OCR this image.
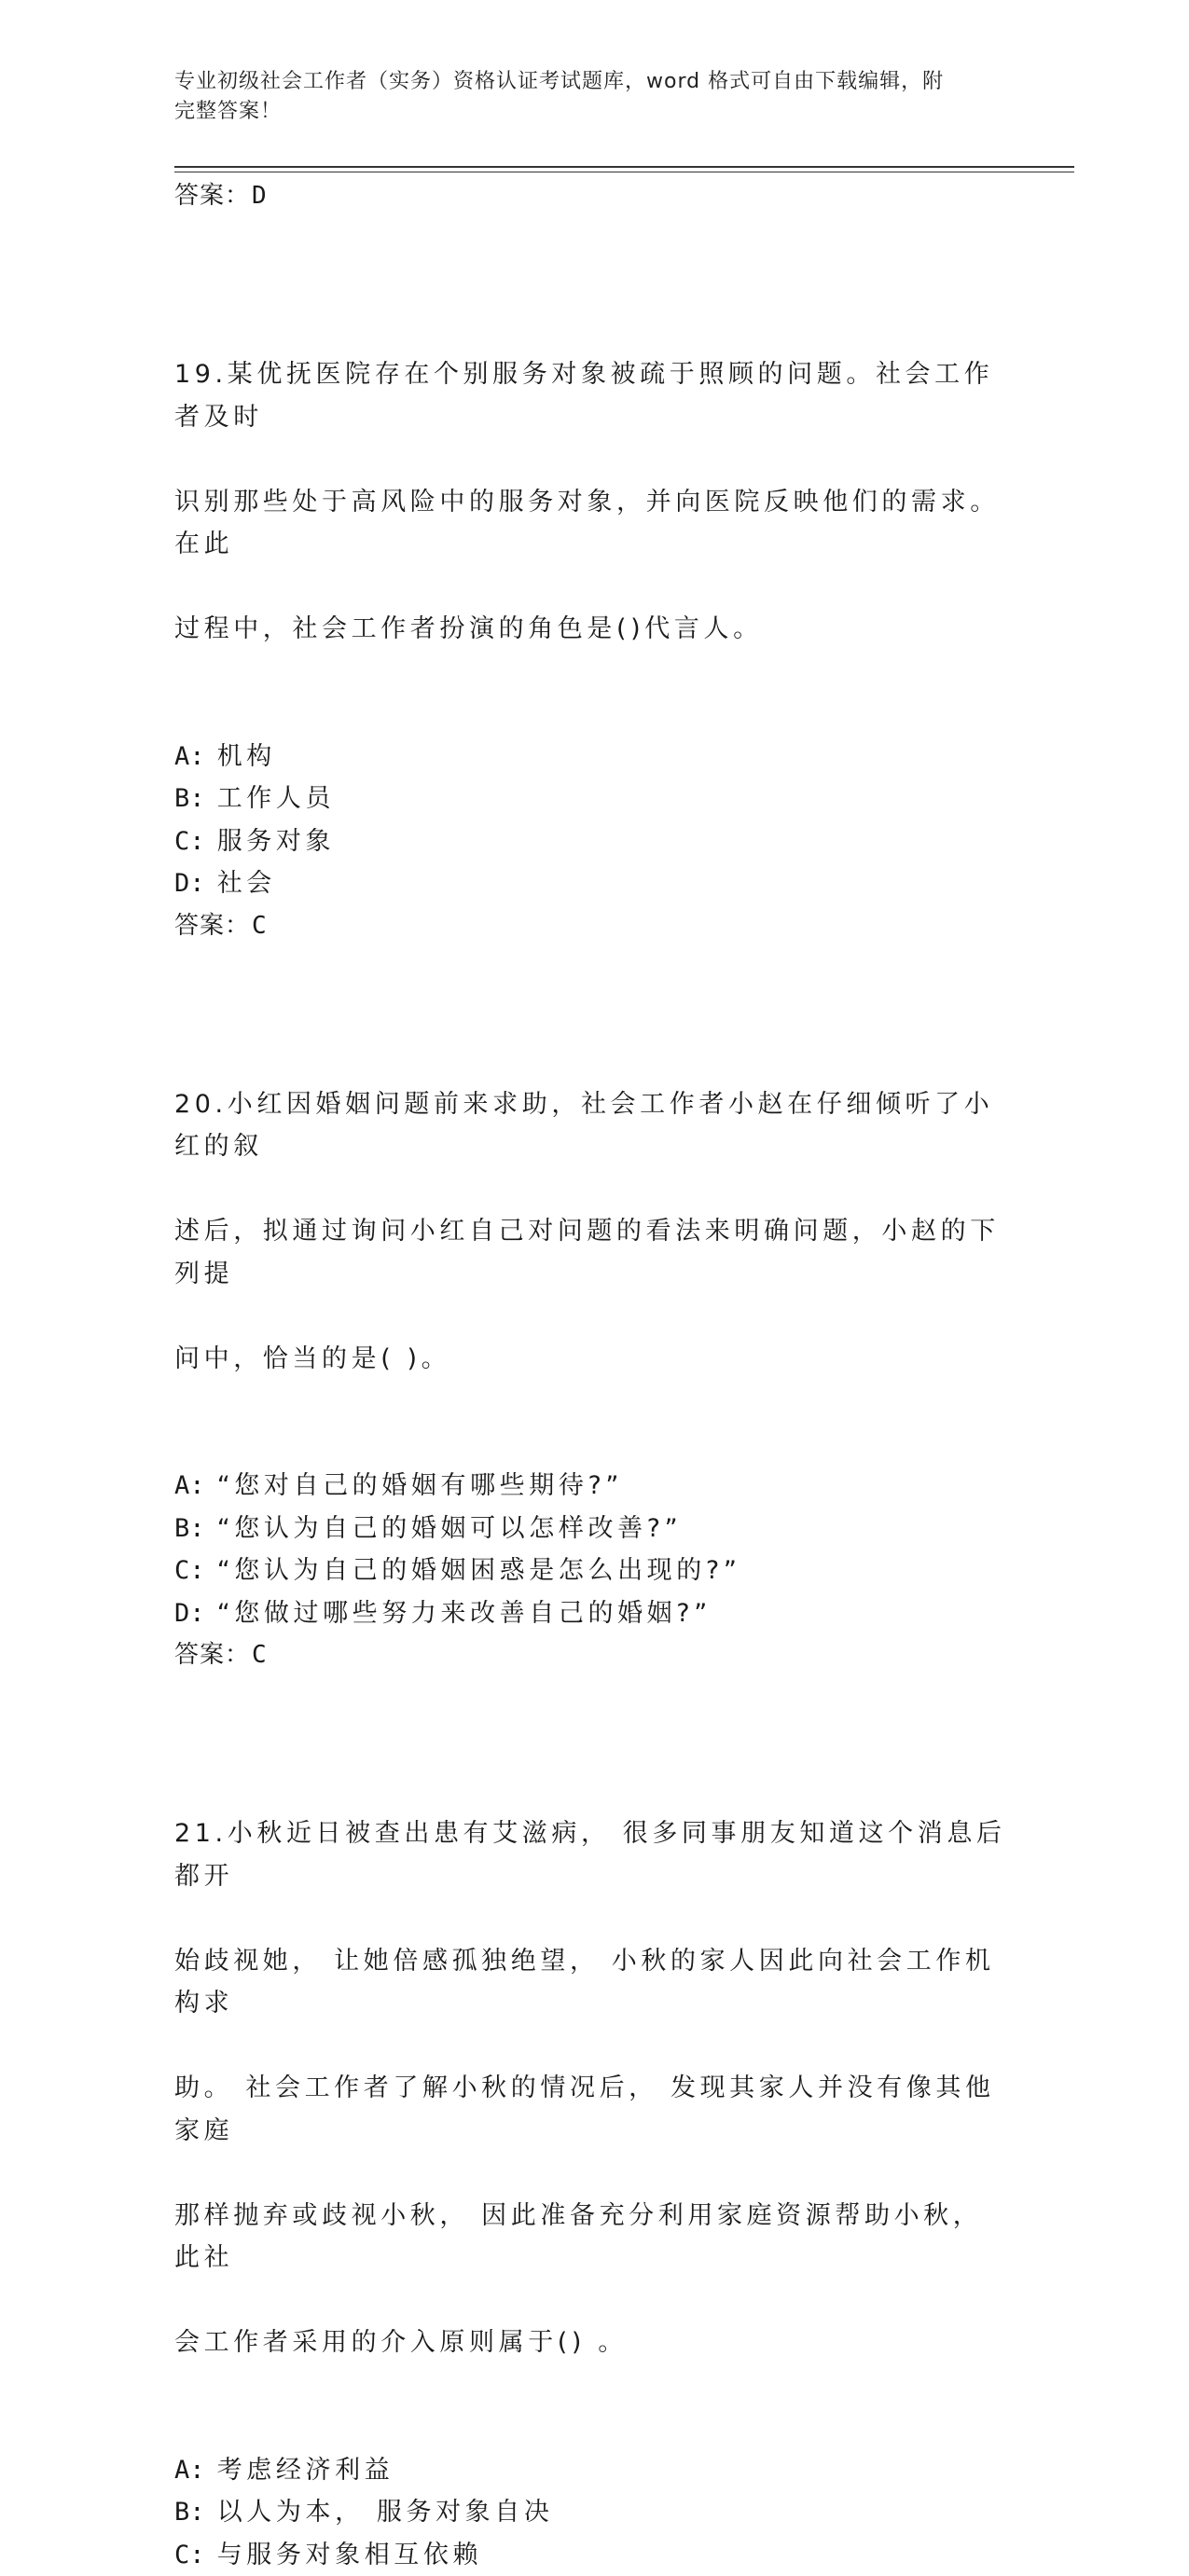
专业初级社会工作者（实务）资格认证考试题库，word 格式可自由下载编辑，附
完整答案！
答案：D

19.某优抚医院存在个别服务对象被疏于照顾的问题。社会工作者及时

识别那些处于高风险中的服务对象，并向医院反映他们的需求。在此

过程中，社会工作者扮演的角色是()代言人。

A: 机构
B: 工作人员
C: 服务对象
D: 社会
答案：C

20.小红因婚姻问题前来求助，社会工作者小赵在仔细倾听了小红的叙

述后，拟通过询问小红自己对问题的看法来明确问题，小赵的下列提

问中，恰当的是( )。

A: “您对自己的婚姻有哪些期待?”
B: “您认为自己的婚姻可以怎样改善?”
C: “您认为自己的婚姻困惑是怎么出现的?”
D: “您做过哪些努力来改善自己的婚姻?”
答案：C

21.小秋近日被查出患有艾滋病， 很多同事朋友知道这个消息后都开

始歧视她， 让她倍感孤独绝望， 小秋的家人因此向社会工作机构求

助。 社会工作者了解小秋的情况后， 发现其家人并没有像其他家庭

那样抛弃或歧视小秋， 因此准备充分利用家庭资源帮助小秋， 此社

会工作者采用的介入原则属于() 。

A: 考虑经济利益
B: 以人为本， 服务对象自决
C: 与服务对象相互依赖
